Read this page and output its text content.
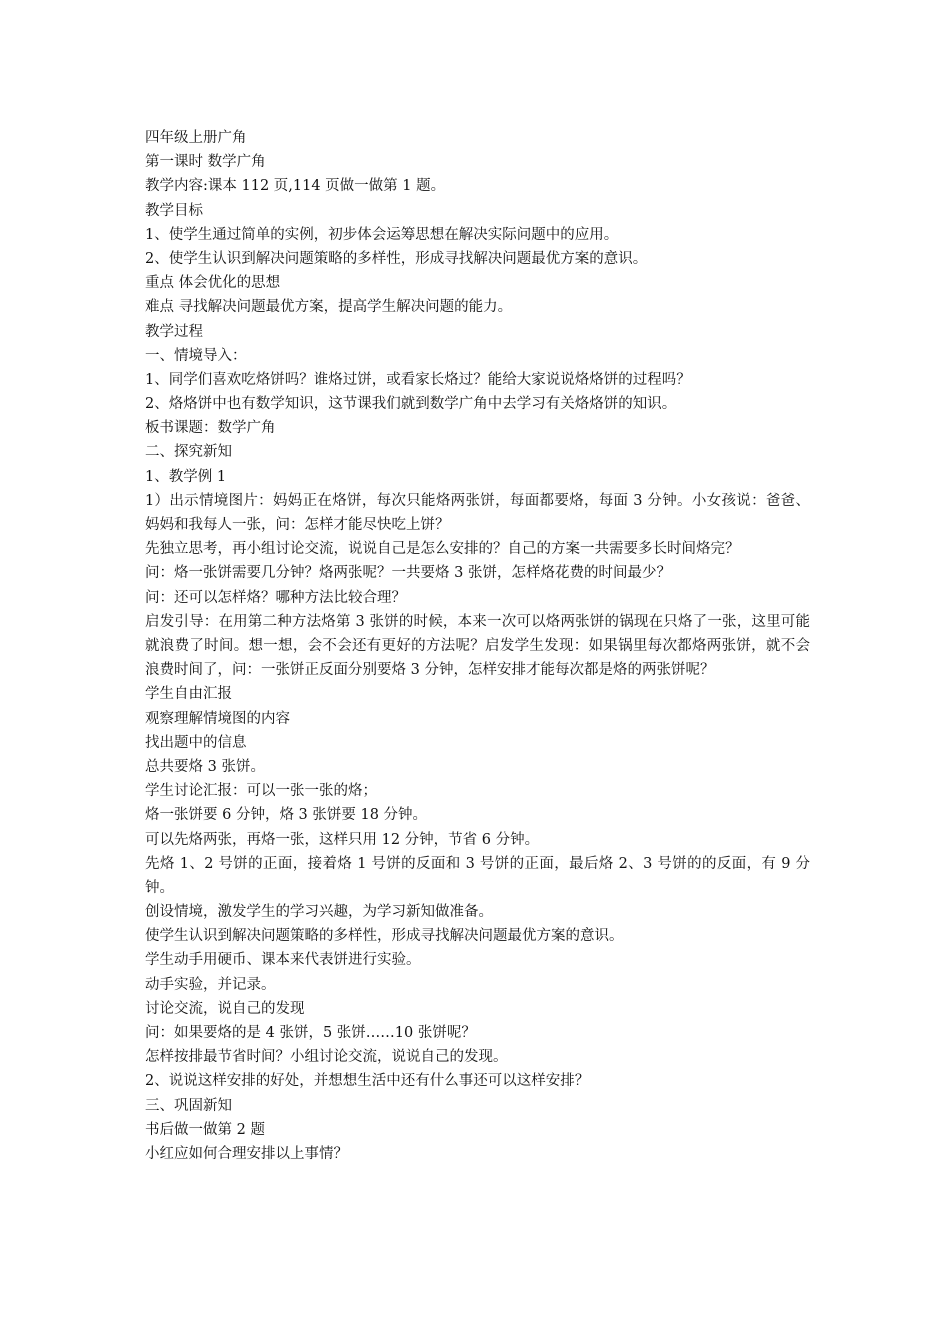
四年级上册广角
第一课时 数学广角
教学内容:课本 112 页,114 页做一做第 1 题。
教学目标
1、使学生通过简单的实例，初步体会运筹思想在解决实际问题中的应用。
2、使学生认识到解决问题策略的多样性，形成寻找解决问题最优方案的意识。
重点 体会优化的思想
难点 寻找解决问题最优方案，提高学生解决问题的能力。
教学过程
一、情境导入：
1、同学们喜欢吃烙饼吗？谁烙过饼，或看家长烙过？能给大家说说烙烙饼的过程吗？
2、烙烙饼中也有数学知识，这节课我们就到数学广角中去学习有关烙烙饼的知识。
板书课题：数学广角
二、探究新知
1、教学例 1
1）出示情境图片：妈妈正在烙饼，每次只能烙两张饼，每面都要烙，每面 3 分钟。小女孩说：爸爸、妈妈和我每人一张，问：怎样才能尽快吃上饼？
先独立思考，再小组讨论交流，说说自己是怎么安排的？自己的方案一共需要多长时间烙完？
问：烙一张饼需要几分钟？烙两张呢？一共要烙 3 张饼，怎样烙花费的时间最少？
问：还可以怎样烙？哪种方法比较合理？
启发引导：在用第二种方法烙第 3 张饼的时候，本来一次可以烙两张饼的锅现在只烙了一张，这里可能就浪费了时间。想一想，会不会还有更好的方法呢？启发学生发现：如果锅里每次都烙两张饼，就不会浪费时间了，问：一张饼正反面分别要烙 3 分钟，怎样安排才能每次都是烙的两张饼呢？
学生自由汇报
观察理解情境图的内容
找出题中的信息
总共要烙 3 张饼。
学生讨论汇报：可以一张一张的烙；
烙一张饼要 6 分钟，烙 3 张饼要 18 分钟。
可以先烙两张，再烙一张，这样只用 12 分钟，节省 6 分钟。
先烙 1、2 号饼的正面，接着烙 1 号饼的反面和 3 号饼的正面，最后烙 2、3 号饼的的反面，有 9 分钟。
创设情境，激发学生的学习兴趣，为学习新知做准备。
使学生认识到解决问题策略的多样性，形成寻找解决问题最优方案的意识。
学生动手用硬币、课本来代表饼进行实验。
动手实验，并记录。
讨论交流，说自己的发现
问：如果要烙的是 4 张饼，5 张饼……10 张饼呢？
怎样按排最节省时间？小组讨论交流，说说自己的发现。
2、说说这样安排的好处，并想想生活中还有什么事还可以这样安排？
三、巩固新知
书后做一做第 2 题
小红应如何合理安排以上事情？
